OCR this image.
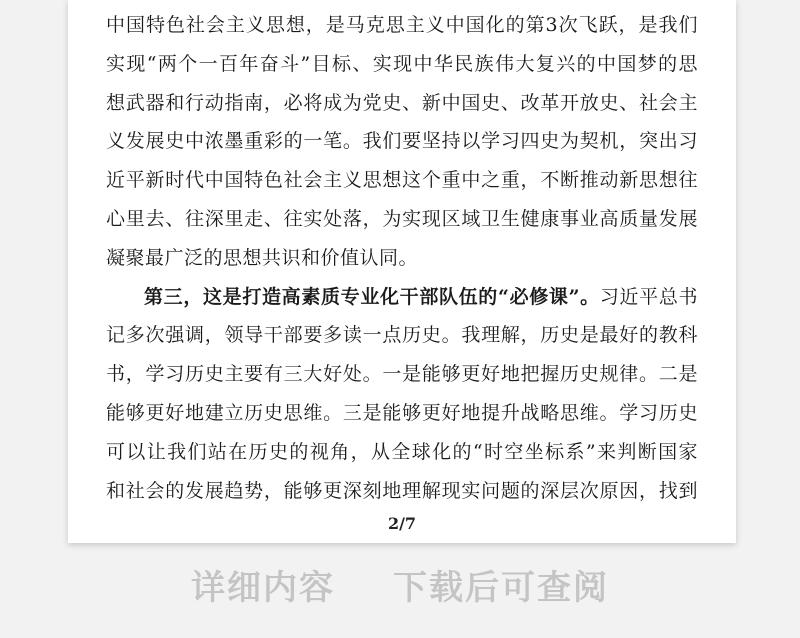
中国特色社会主义思想，是马克思主义中国化的第3次飞跃，是我们
实现“两个一百年奋斗”目标、实现中华民族伟大复兴的中国梦的思
想武器和行动指南，必将成为党史、新中国史、改革开放史、社会主
义发展史中浓墨重彩的一笔。我们要坚持以学习四史为契机，突出习
近平新时代中国特色社会主义思想这个重中之重，不断推动新思想往
心里去、往深里走、往实处落，为实现区域卫生健康事业高质量发展
凝聚最广泛的思想共识和价值认同。
第三，这是打造高素质专业化干部队伍的“必修课”。习近平总书
记多次强调，领导干部要多读一点历史。我理解，历史是最好的教科
书，学习历史主要有三大好处。一是能够更好地把握历史规律。二是
能够更好地建立历史思维。三是能够更好地提升战略思维。学习历史
可以让我们站在历史的视角，从全球化的“时空坐标系”来判断国家
和社会的发展趋势，能够更深刻地理解现实问题的深层次原因，找到
2/7
详细内容 下载后可查阅
